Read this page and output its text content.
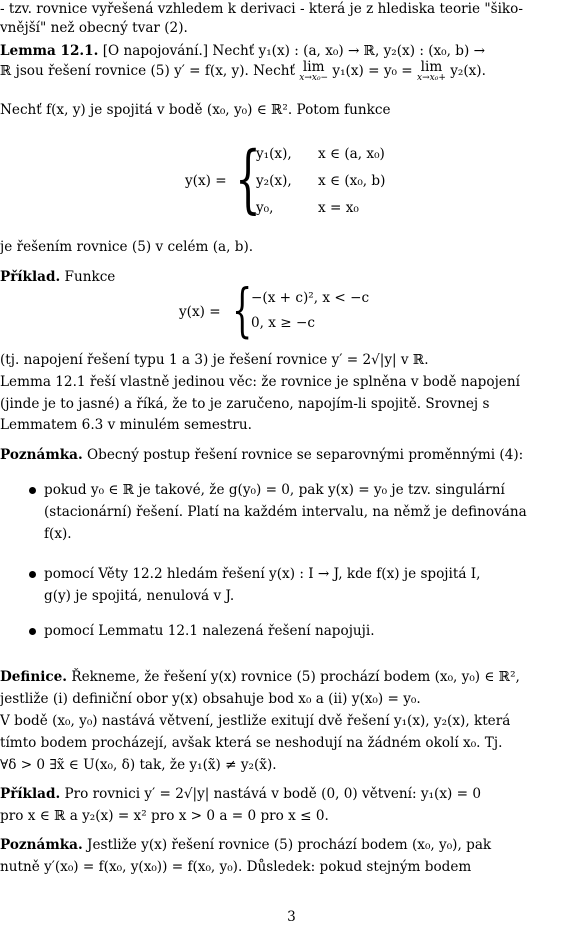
- tzv. rovnice vyřešená vzhledem k derivaci - která je z hlediska teorie "šiko-
vnější" než obecný tvar (2).
Lemma 12.1. [O napojování.] Nechť y₁(x) : (a, x₀) → ℝ, y₂(x) : (x₀, b) →
ℝ jsou řešení rovnice (5) y′ = f(x, y). Nechť lim
x→x₀− y₁(x) = y₀ = lim
x→x₀+ y₂(x).
Nechť f(x, y) je spojitá v bodě (x₀, y₀) ∈ ℝ². Potom funkce
y(x) = {
y₁(x), x ∈ (a, x₀)
y₂(x), x ∈ (x₀, b)
y₀,	x = x₀
je řešením rovnice (5) v celém (a, b).
Příklad. Funkce
y(x) = {
−(x + c)², x < −c
0, x ≥ −c
(tj. napojení řešení typu 1 a 3) je řešení rovnice y′ = 2√|y| v ℝ.
Lemma 12.1 řeší vlastně jedinou věc: že rovnice je splněna v bodě napojení
(jinde je to jasné) a říká, že to je zaručeno, napojím-li spojitě. Srovnej s
Lemmatem 6.3 v minulém semestru.
Poznámka. Obecný postup řešení rovnice se separovnými proměnnými (4):
pokud y₀ ∈ ℝ je takové, že g(y₀) = 0, pak y(x) = y₀ je tzv. singulární
(stacionární) řešení. Platí na každém intervalu, na němž je definována
f(x).
pomocí Věty 12.2 hledám řešení y(x) : I → J, kde f(x) je spojitá I,
g(y) je spojitá, nenulová v J.
pomocí Lemmatu 12.1 nalezená řešení napojuji.
Definice. Řekneme, že řešení y(x) rovnice (5) prochází bodem (x₀, y₀) ∈ ℝ²,
jestliže (i) definiční obor y(x) obsahuje bod x₀ a (ii) y(x₀) = y₀.
V bodě (x₀, y₀) nastává větvení, jestliže exitují dvě řešení y₁(x), y₂(x), která
tímto bodem procházejí, avšak která se neshodují na žádném okolí x₀. Tj.
∀δ > 0 ∃x̃ ∈ U(x₀, δ) tak, že y₁(x̃) ≠ y₂(x̃).
Příklad. Pro rovnici y′ = 2√|y| nastává v bodě (0, 0) větvení: y₁(x) = 0
pro x ∈ ℝ a y₂(x) = x² pro x > 0 a = 0 pro x ≤ 0.
Poznámka. Jestliže y(x) řešení rovnice (5) prochází bodem (x₀, y₀), pak
nutně y′(x₀) = f(x₀, y(x₀)) = f(x₀, y₀). Důsledek: pokud stejným bodem
3
